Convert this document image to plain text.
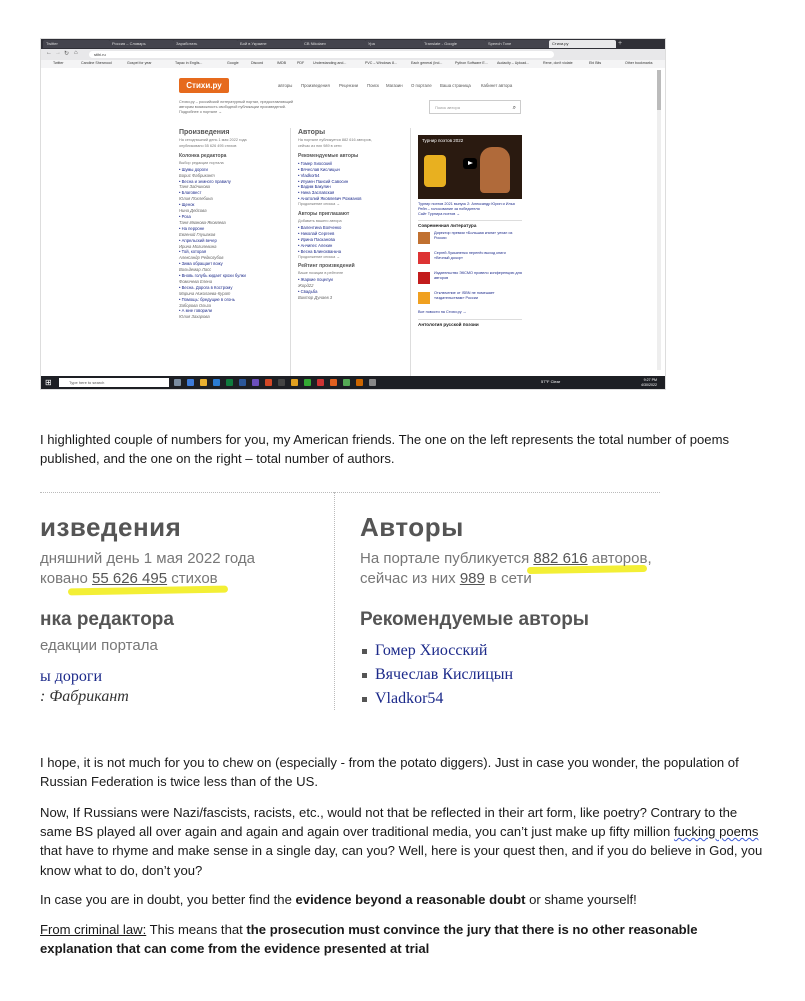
Twitter	Россия – Словарь	Заработать	Бой в Украине	СВ Nikolaev	Ура	Translate - Google	Speech Tone	Стихи.ру	+
← → ↻ ⌂	stihi.ru
Twitter	Caroline Sherwood	Gospel for year	Тарас in Englis...	Google	Discord	IMDB	PDF Understanding and...	PVC – Windows 8...	Each general (Ind...	Python Software E...	Audacity – Upload...	Rene, don't violate	Ebi Bits	Other bookmarks
Стихи.ру	авторы Произведения Рецензии Поиск Магазин О портале Ваша страница Кабинет автора
Стихи.ру – российский литературный портал, предоставляющий авторам возможность свободной публикации произведений. Подробнее о портале →
Поиск автора	⌕
Произведения
На сегодняшний день 1 мая 2022 года
опубликовано 55 626 495 стихов
Колонка редактора
Выбор редакции портала
• Шумы дороги
Борис Фабрикант
• Весна и земного правилу
Таня Зайчикова
• Благовест
Юлия Похлебина
• Щенок
Нина Дейсова
• Роза
Таня Иванова-Яковлева
• На перроне
Евгений Глушаков
• Апрельский вечер
Ирина Могилевина
• Той, которая
Александр Редкозубов
• Зима обращает вожу
Вольдемар Ласс
• Вновь голубь кидает крохи булки
Фомичева Елена
• Весна. Дорога в Кострому
Марина Николаева-Курат
• Помощь: бредущие в огонь
Заборова Ольга
• А мне говорили
Юлия Захарова
Авторы
На портале публикуется 882 616 авторов,
сейчас из них 989 в сети
Рекомендуемые авторы
• Гомер Хиосский
• Вячеслав Кислицын
• Vladkor54
• Игумен Паисий Савосин
• Вадим Бакулин
• Нина Заславская
• Анатолий Яковлевич Рохманов
Продолжение списка →
Авторы приглашают
Добавить вашего автора
• Валентина Волченко
• Николай Сергеев
• Ирина Пасканова
• Анчипес Алехин
• Весна Блинохваньча
Продолжение списка →
Рейтинг произведений
Ваше позиции в рейтинге
• Жаркие поцелуи
Жорд22
• Свадьба
Виктор Дунаев 3
Турнир поэтов 2022
Турнир поэтов 2021 выпуск 2: Александр Юрин и Илья Рейн – голосование за победителя
Сайт Турнира поэтов →
Современная литература
Директор премии «Большая книга» уехал из России
Сергей Лукьяненко перенёс выход книги «Вечный дозор»
Издательство ЭКСМО провело конференцию для авторов
Отключение от ISBN не помешает «издательствам» России
Все новости на Стихи.ру →
Антология русской поэзии
⊞	Type here to search	57°F Clear	9:27 PM
4/30/2022
I highlighted couple of numbers for you, my American friends. The one on the left represents the total number of poems published, and the one on the right – total number of authors.
изведения
дняшний день 1 мая 2022 года
ковано 55 626 495 стихов
нка редактора
едакции портала
ы дороги
: Фабрикант
Авторы
На портале публикуется 882 616 авторов,
сейчас из них 989 в сети
Рекомендуемые авторы
Гомер Хиосский
Вячеслав Кислицын
Vladkor54
I hope, it is not much for you to chew on (especially - from the potato diggers). Just in case you wonder, the population of Russian Federation is twice less than of the US.
Now, If Russians were Nazi/fascists, racists, etc., would not that be reflected in their art form, like poetry? Contrary to the same BS played all over again and again and again over traditional media, you can’t just make up fifty million fucking poems that have to rhyme and make sense in a single day, can you? Well, here is your quest then, and if you do believe in God, you know what to do, don’t you?
In case you are in doubt, you better find the evidence beyond a reasonable doubt or shame yourself!
From criminal law: This means that the prosecution must convince the jury that there is no other reasonable explanation that can come from the evidence presented at trial
